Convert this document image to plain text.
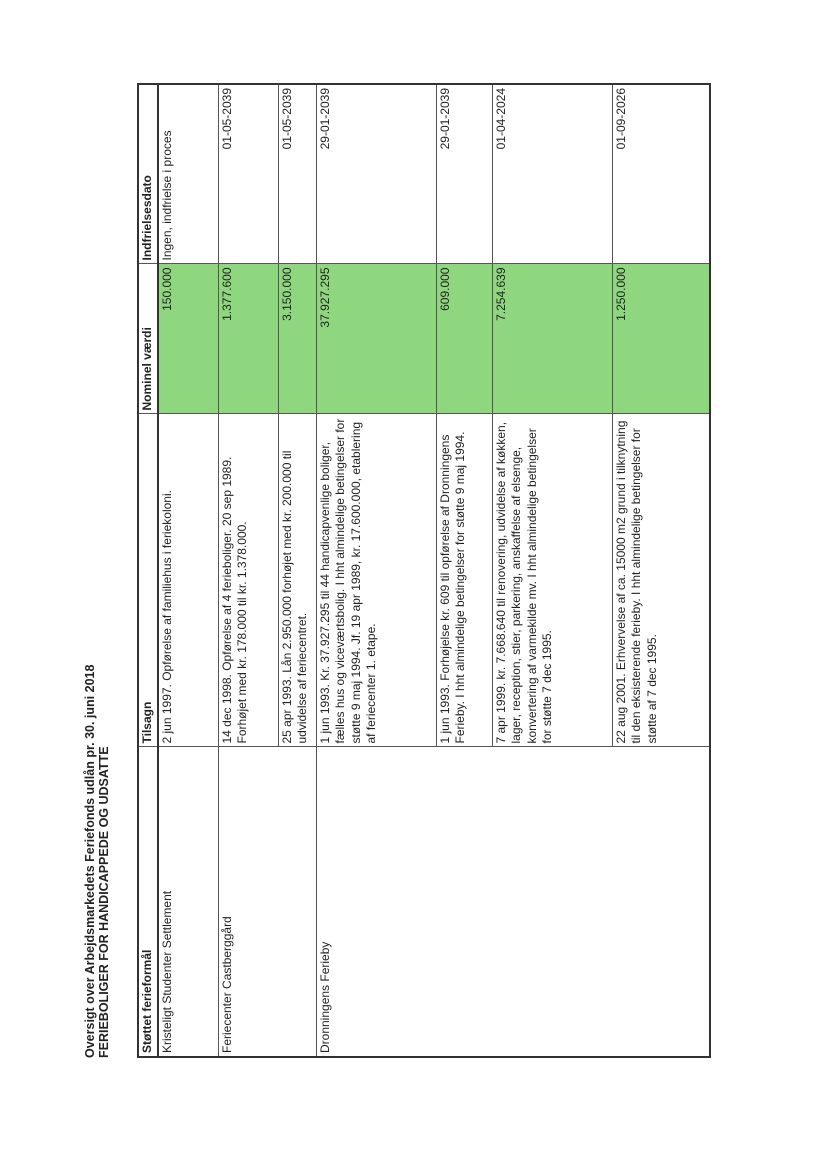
Oversigt over Arbejdsmarkedets Feriefonds udlån pr. 30. juni 2018 FERIEBOLIGER FOR HANDICAPPEDE OG UDSATTE Støttet ferieformål	Tilsagn	Nominel værdi	Indfrielsesdato
Kristeligt Studenter Settlement	2 jun 1997. Opførelse af familiehus i feriekoloni.	150.000	Ingen, indfrielse i proces
Feriecenter Castberggård	14 dec 1998. Opførelse af 4 ferieboliger. 20 sep 1989. Forhøjet med kr. 178.000 til kr. 1.378.000.	1.377.600	01-05-2039
	25 apr 1993. Lån 2.950.000 forhøjet med kr. 200.000 til udvidelse af feriecentret.	3.150.000	01-05-2039
Dronningens Ferieby	1 jun 1993. Kr. 37.927.295 til 44 handicapvenlige boliger, fælles hus og viceværtsbolig. I hht almindelige betingelser for støtte 9 maj 1994. Jf. 19 apr 1989, kr. 17.600.000, etablering af feriecenter 1. etape.	37.927.295	29-01-2039
	1 jun 1993. Forhøjelse kr. 609 til opførelse af Dronningens Ferieby. I hht almindelige betingelser for støtte 9 maj 1994.	609.000	29-01-2039
	7 apr 1999. kr. 7.668.640 til renovering, udvidelse af køkken, lager, reception, stier, parkering, anskaffelse af elsenge, konvertering af varmekilde mv. I hht almindelige betingelser for støtte 7 dec 1995.	7.254.639	01-04-2024
	22 aug 2001. Erhvervelse af ca. 15000 m2 grund i tilknytning til den eksisterende ferieby. I hht almindelige betingelser for støtte af 7 dec 1995.	1.250.000	01-09-2026
